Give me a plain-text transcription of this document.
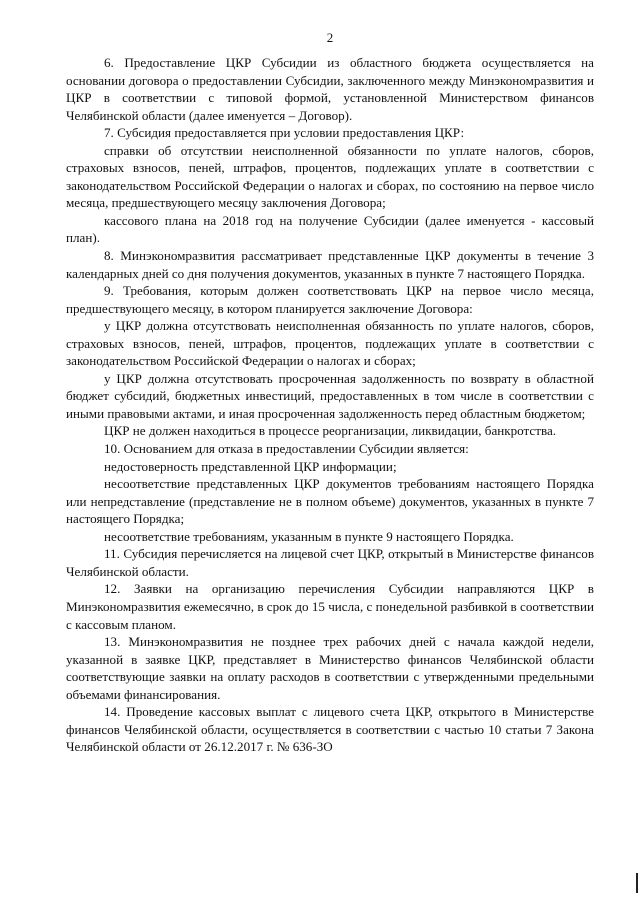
2

6. Предоставление ЦКР Субсидии из областного бюджета осуществляется на основании договора о предоставлении Субсидии, заключенного между Минэкономразвития и ЦКР в соответствии с типовой формой, установленной Министерством финансов Челябинской области (далее именуется – Договор).

7. Субсидия предоставляется при условии предоставления ЦКР:

справки об отсутствии неисполненной обязанности по уплате налогов, сборов, страховых взносов, пеней, штрафов, процентов, подлежащих уплате в соответствии с законодательством Российской Федерации о налогах и сборах, по состоянию на первое число месяца, предшествующего месяцу заключения Договора;

кассового плана на 2018 год на получение Субсидии (далее именуется - кассовый план).

8. Минэкономразвития рассматривает представленные ЦКР документы в течение 3 календарных дней со дня получения документов, указанных в пункте 7 настоящего Порядка.

9. Требования, которым должен соответствовать ЦКР на первое число месяца, предшествующего месяцу, в котором планируется заключение Договора:

у ЦКР должна отсутствовать неисполненная обязанность по уплате налогов, сборов, страховых взносов, пеней, штрафов, процентов, подлежащих уплате в соответствии с законодательством Российской Федерации о налогах и сборах;

у ЦКР должна отсутствовать просроченная задолженность по возврату в областной бюджет субсидий, бюджетных инвестиций, предоставленных в том числе в соответствии с иными правовыми актами, и иная просроченная задолженность перед областным бюджетом;

ЦКР не должен находиться в процессе реорганизации, ликвидации, банкротства.

10. Основанием для отказа в предоставлении Субсидии является:

недостоверность представленной ЦКР информации;

несоответствие представленных ЦКР документов требованиям настоящего Порядка или непредставление (представление не в полном объеме) документов, указанных в пункте 7 настоящего Порядка;

несоответствие требованиям, указанным в пункте 9 настоящего Порядка.

11. Субсидия перечисляется на лицевой счет ЦКР, открытый в Министерстве финансов Челябинской области.

12. Заявки на организацию перечисления Субсидии направляются ЦКР в Минэкономразвития ежемесячно, в срок до 15 числа, с понедельной разбивкой в соответствии с кассовым планом.

13. Минэкономразвития не позднее трех рабочих дней с начала каждой недели, указанной в заявке ЦКР, представляет в Министерство финансов Челябинской области соответствующие заявки на оплату расходов в соответствии с утвержденными предельными объемами финансирования.

14. Проведение кассовых выплат с лицевого счета ЦКР, открытого в Министерстве финансов Челябинской области, осуществляется в соответствии с частью 10 статьи 7 Закона Челябинской области от 26.12.2017 г. № 636-ЗО
